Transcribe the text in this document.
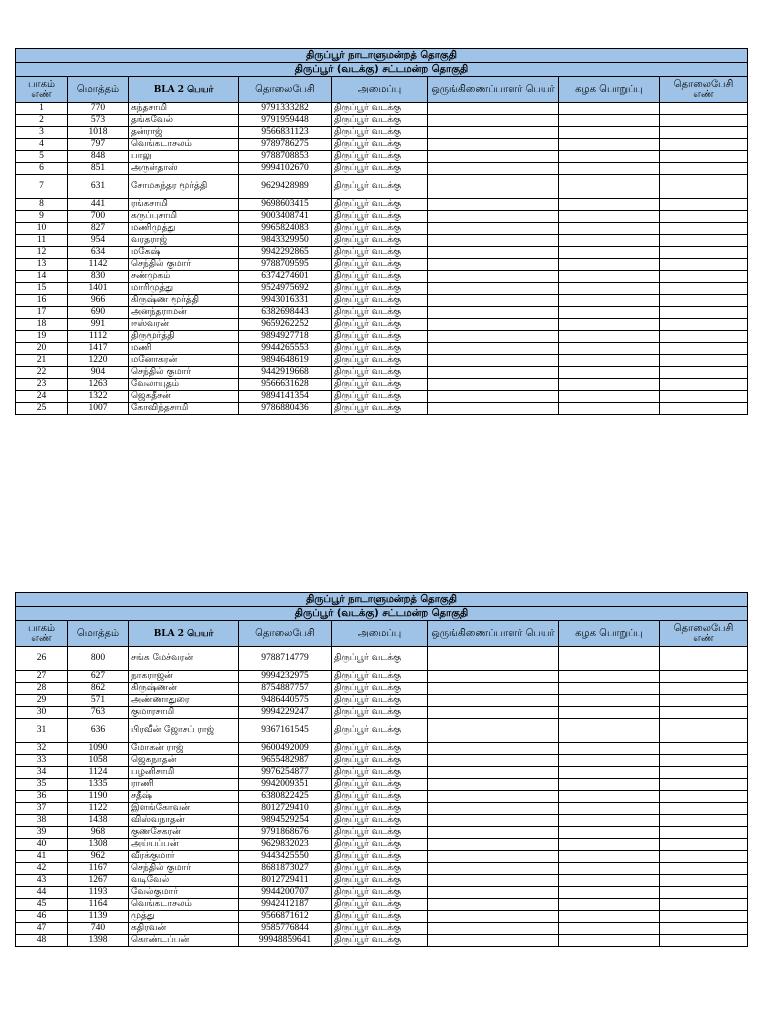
திருப்பூர் நாடாளுமன்றத் தொகுதி							
திருப்பூர் (வடக்கு) சட்டமன்ற தொகுதி							
பாகம் எண்	மொத்தம்	BLA 2 பெயர்	தொலைபேசி	அமைப்பு	ஒருங்கிணைப்பாளர் பெயர்	கழக பொறுப்பு	தொலைபேசி எண்
1	770	கந்தசாமி	9791333282	திருப்பூர் வடக்கு			
2	573	தங்கவேல்	9791959448	திருப்பூர் வடக்கு			
3	1018	தன்ராஜ்	9566831123	திருப்பூர் வடக்கு			
4	797	வெங்கடாசலம்	9789786275	திருப்பூர் வடக்கு			
5	848	பாலு	9788708853	திருப்பூர் வடக்கு			
6	851	அருள்தாஸ்	9994102670	திருப்பூர் வடக்கு			
7	631	சோமசுந்தர மூர்த்தி	9629428989	திருப்பூர் வடக்கு			
8	441	ரங்கசாமி	9698603415	திருப்பூர் வடக்கு			
9	700	கருப்புசாமி	9003408741	திருப்பூர் வடக்கு			
10	827	மணிமுத்து	9965824083	திருப்பூர் வடக்கு			
11	954	வரதராஜ்	9843329950	திருப்பூர் வடக்கு			
12	634	மகேஷ்	9942292865	திருப்பூர் வடக்கு			
13	1142	செந்தில் குமார்	9788709595	திருப்பூர் வடக்கு			
14	830	சண்முகம்	6374274601	திருப்பூர் வடக்கு			
15	1401	மாரிமுத்து	9524975692	திருப்பூர் வடக்கு			
16	966	கிருஷ்ண மூர்த்தி	9943016331	திருப்பூர் வடக்கு			
17	690	அனந்தராமன்	6382698443	திருப்பூர் வடக்கு			
18	991	ஈஸ்வரன்	9659262252	திருப்பூர் வடக்கு			
19	1112	திருமூர்த்தி	9894927718	திருப்பூர் வடக்கு			
20	1417	மணி	9944265553	திருப்பூர் வடக்கு			
21	1220	மனோகரன்	9894648619	திருப்பூர் வடக்கு			
22	904	செந்தில் குமார்	9442919668	திருப்பூர் வடக்கு			
23	1263	வேலாயுதம்	9566631628	திருப்பூர் வடக்கு			
24	1322	ஜெகதீசன்	9894141354	திருப்பூர் வடக்கு			
25	1007	கோவிந்தசாமி	9786880436	திருப்பூர் வடக்கு			
திருப்பூர் நாடாளுமன்றத் தொகுதி							
திருப்பூர் (வடக்கு) சட்டமன்ற தொகுதி							
பாகம் எண்	மொத்தம்	BLA 2 பெயர்	தொலைபேசி	அமைப்பு	ஒருங்கிணைப்பாளர் பெயர்	கழக பொறுப்பு	தொலைபேசி எண்
26	800	சங்க மேச்வரன்	9788714779	திருப்பூர் வடக்கு			
27	627	நாகராஜன்	9994232975	திருப்பூர் வடக்கு			
28	862	கிருஷ்ணன்	8754887757	திருப்பூர் வடக்கு			
29	571	அண்ணாதுரை	9486440575	திருப்பூர் வடக்கு			
30	763	குமாரசாமி	9994229247	திருப்பூர் வடக்கு			
31	636	பிரவீன் ஜோசப் ராஜ்	9367161545	திருப்பூர் வடக்கு			
32	1090	மோகன் ராஜ்	9600492009	திருப்பூர் வடக்கு			
33	1058	ஜெகநாதன்	9655482987	திருப்பூர் வடக்கு			
34	1124	பழனிசாமி	9976254877	திருப்பூர் வடக்கு			
35	1335	ராணி	9942009351	திருப்பூர் வடக்கு			
36	1190	சதீஷ்	6380822425	திருப்பூர் வடக்கு			
37	1122	இளங்கோவன்	8012729410	திருப்பூர் வடக்கு			
38	1438	விஸ்வநாதன்	9894529254	திருப்பூர் வடக்கு			
39	968	குணசேகரன்	9791868676	திருப்பூர் வடக்கு			
40	1308	அய்யப்பன்	9629832023	திருப்பூர் வடக்கு			
41	962	வீரக்குமார்	9443425550	திருப்பூர் வடக்கு			
42	1167	செந்தில் குமார்	8681873027	திருப்பூர் வடக்கு			
43	1267	வடிவேல்	8012729411	திருப்பூர் வடக்கு			
44	1193	வேல்குமார்	9944200707	திருப்பூர் வடக்கு			
45	1164	வெங்கடாசலம்	9942412187	திருப்பூர் வடக்கு			
46	1139	முத்து	9566871612	திருப்பூர் வடக்கு			
47	740	கதிரவன்	9585776844	திருப்பூர் வடக்கு			
48	1398	கொண்டப்பன்	99948859641	திருப்பூர் வடக்கு			
